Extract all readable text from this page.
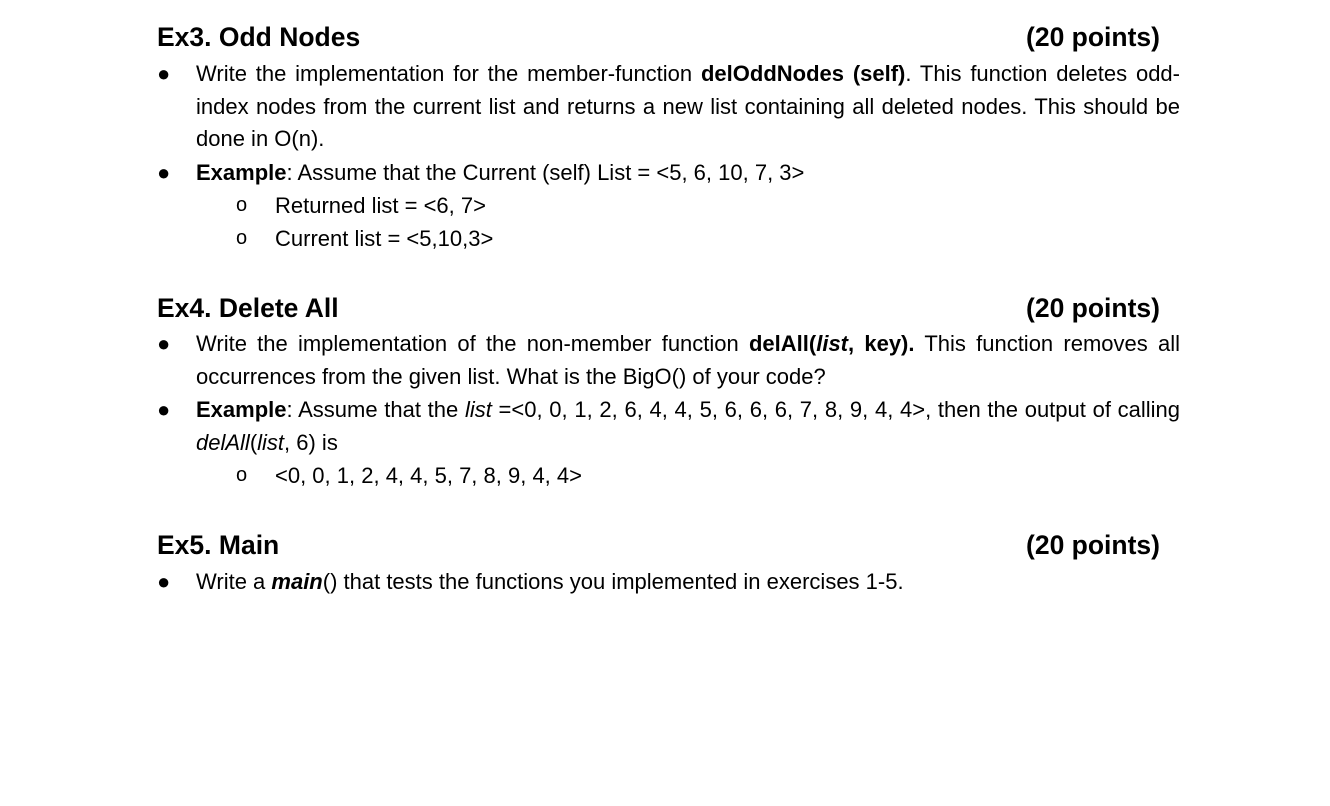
Ex3. Odd Nodes	(20 points)
● Write the implementation for the member-function delOddNodes (self). This function deletes odd-index nodes from the current list and returns a new list containing all deleted nodes. This should be done in O(n).
● Example: Assume that the Current (self) List = <5, 6, 10, 7, 3>
o Returned list = <6, 7>
o Current list = <5,10,3>
Ex4. Delete All	(20 points)
● Write the implementation of the non-member function delAll(list, key). This function removes all occurrences from the given list. What is the BigO() of your code?
● Example: Assume that the list =<0, 0, 1, 2, 6, 4, 4, 5, 6, 6, 6, 7, 8, 9, 4, 4>, then the output of calling delAll(list, 6) is
o <0, 0, 1, 2, 4, 4, 5, 7, 8, 9, 4, 4>
Ex5. Main	(20 points)
● Write a main() that tests the functions you implemented in exercises 1-5.
